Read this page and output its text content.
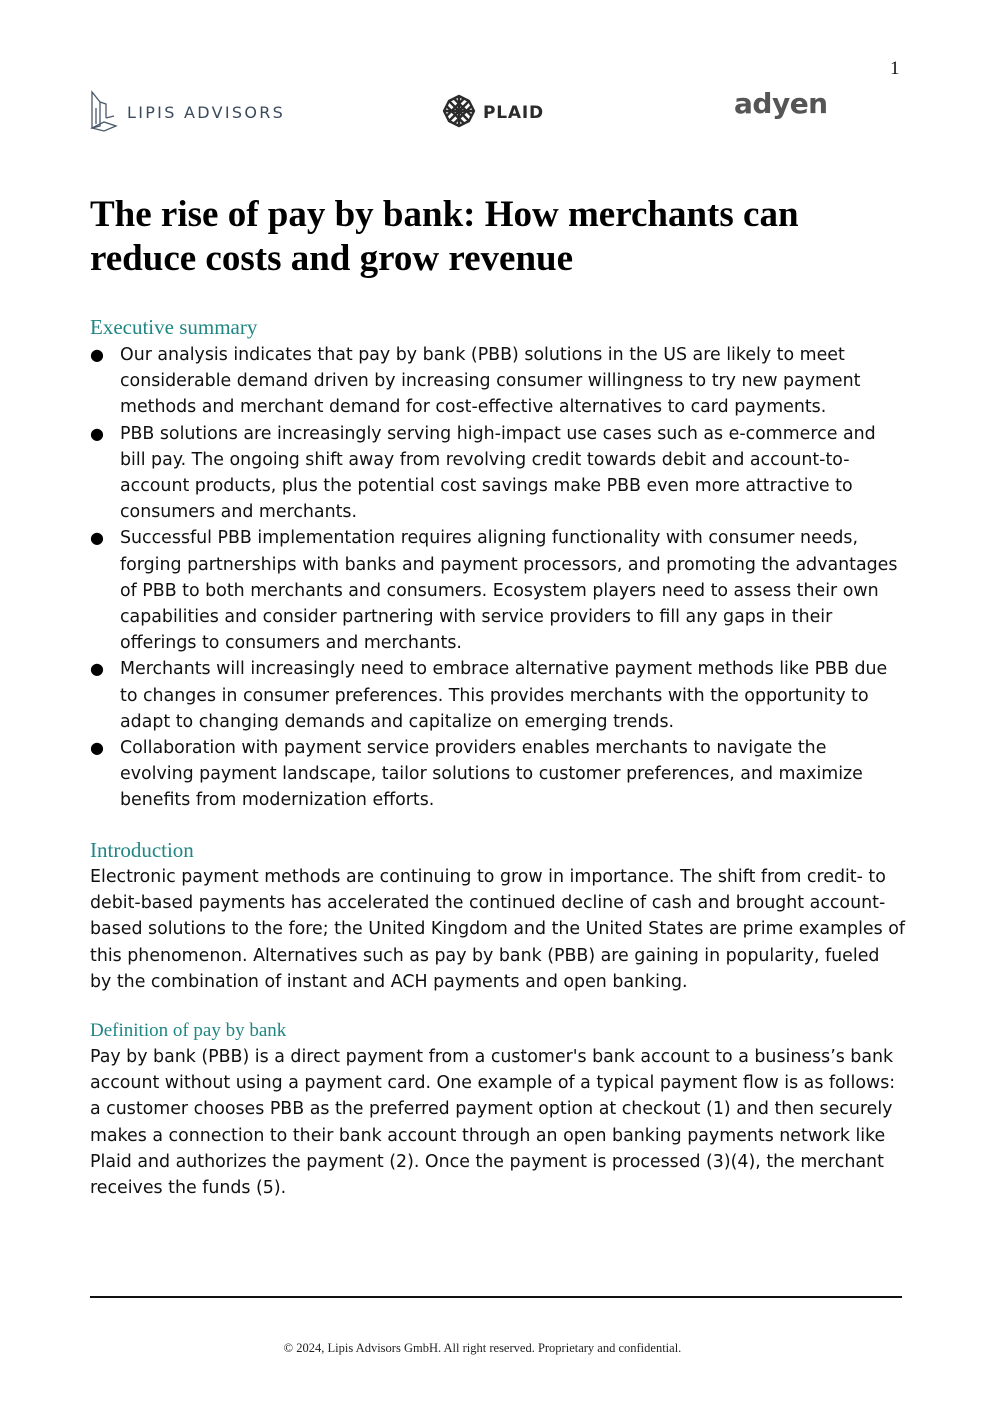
1
LIPIS ADVISORS	PLAID	adyen
The rise of pay by bank: How merchants can reduce costs and grow revenue
Executive summary
● Our analysis indicates that pay by bank (PBB) solutions in the US are likely to meet considerable demand driven by increasing consumer willingness to try new payment methods and merchant demand for cost-effective alternatives to card payments.
● PBB solutions are increasingly serving high-impact use cases such as e-commerce and bill pay. The ongoing shift away from revolving credit towards debit and account-to-account products, plus the potential cost savings make PBB even more attractive to consumers and merchants.
● Successful PBB implementation requires aligning functionality with consumer needs, forging partnerships with banks and payment processors, and promoting the advantages of PBB to both merchants and consumers. Ecosystem players need to assess their own capabilities and consider partnering with service providers to fill any gaps in their offerings to consumers and merchants.
● Merchants will increasingly need to embrace alternative payment methods like PBB due to changes in consumer preferences. This provides merchants with the opportunity to adapt to changing demands and capitalize on emerging trends.
● Collaboration with payment service providers enables merchants to navigate the evolving payment landscape, tailor solutions to customer preferences, and maximize benefits from modernization efforts.
Introduction

Electronic payment methods are continuing to grow in importance. The shift from credit- to debit-based payments has accelerated the continued decline of cash and brought account-based solutions to the fore; the United Kingdom and the United States are prime examples of this phenomenon. Alternatives such as pay by bank (PBB) are gaining in popularity, fueled by the combination of instant and ACH payments and open banking.

Definition of pay by bank

Pay by bank (PBB) is a direct payment from a customer's bank account to a business’s bank account without using a payment card. One example of a typical payment flow is as follows: a customer chooses PBB as the preferred payment option at checkout (1) and then securely makes a connection to their bank account through an open banking payments network like Plaid and authorizes the payment (2). Once the payment is processed (3)(4), the merchant receives the funds (5).

© 2024, Lipis Advisors GmbH. All right reserved. Proprietary and confidential.
